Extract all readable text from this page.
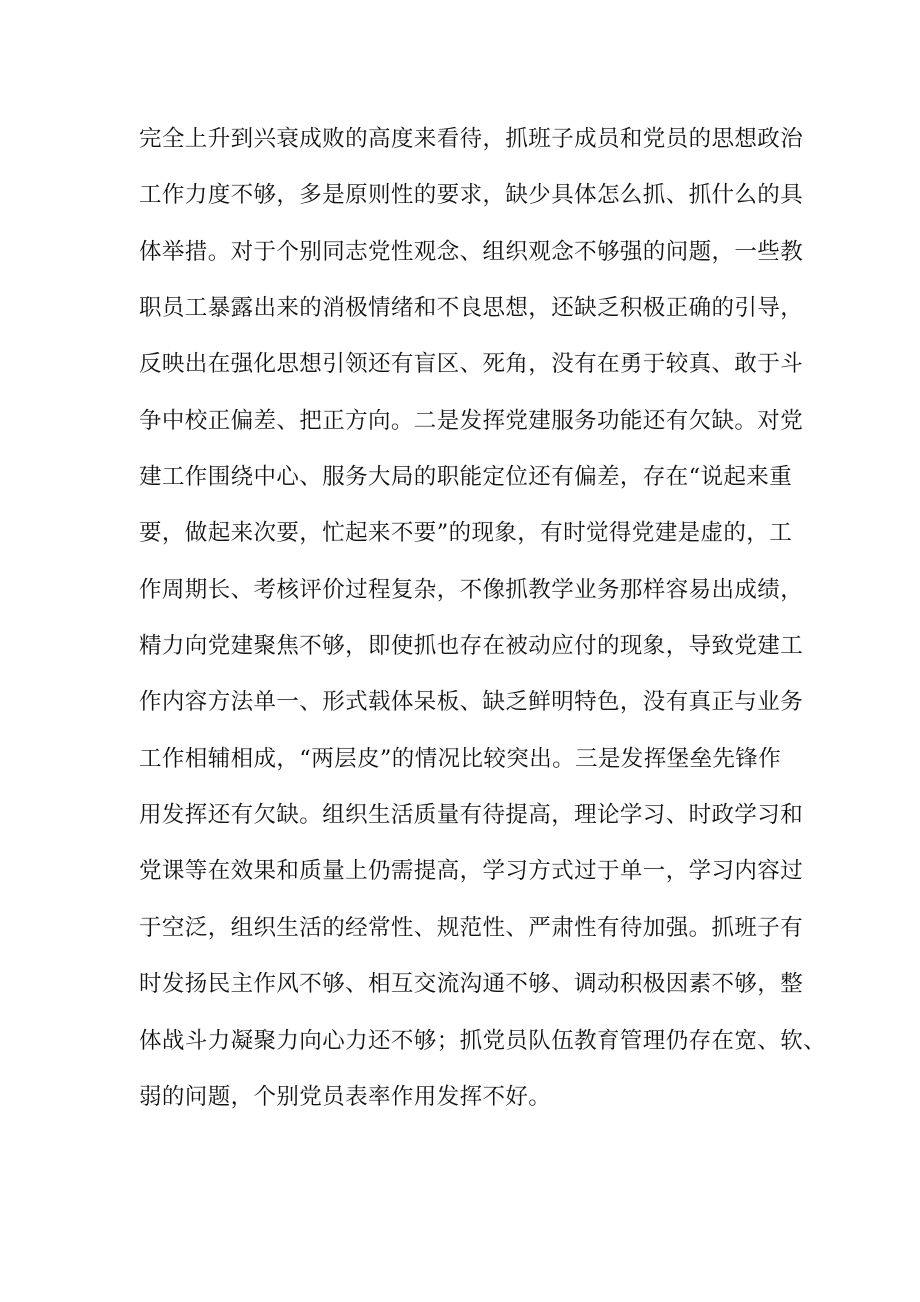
完全上升到兴衰成败的高度来看待，抓班子成员和党员的思想政治
工作力度不够，多是原则性的要求，缺少具体怎么抓、抓什么的具
体举措。对于个别同志党性观念、组织观念不够强的问题，一些教
职员工暴露出来的消极情绪和不良思想，还缺乏积极正确的引导，
反映出在强化思想引领还有盲区、死角，没有在勇于较真、敢于斗
争中校正偏差、把正方向。二是发挥党建服务功能还有欠缺。对党
建工作围绕中心、服务大局的职能定位还有偏差，存在“说起来重
要，做起来次要，忙起来不要”的现象，有时觉得党建是虚的，工
作周期长、考核评价过程复杂，不像抓教学业务那样容易出成绩，
精力向党建聚焦不够，即使抓也存在被动应付的现象，导致党建工
作内容方法单一、形式载体呆板、缺乏鲜明特色，没有真正与业务
工作相辅相成，“两层皮”的情况比较突出。三是发挥堡垒先锋作
用发挥还有欠缺。组织生活质量有待提高，理论学习、时政学习和
党课等在效果和质量上仍需提高，学习方式过于单一，学习内容过
于空泛，组织生活的经常性、规范性、严肃性有待加强。抓班子有
时发扬民主作风不够、相互交流沟通不够、调动积极因素不够，整
体战斗力凝聚力向心力还不够；抓党员队伍教育管理仍存在宽、软、
弱的问题，个别党员表率作用发挥不好。
